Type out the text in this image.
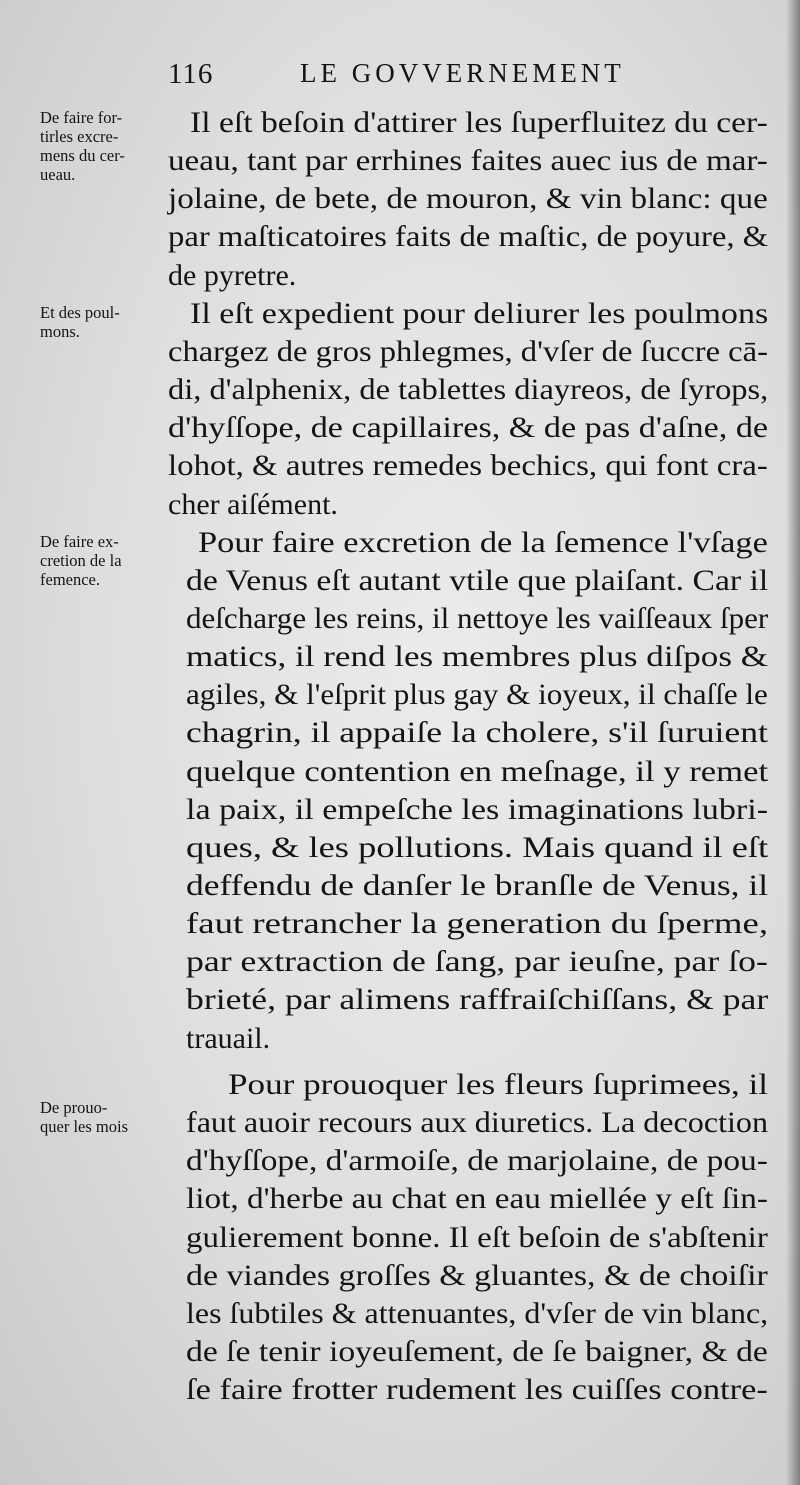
116	LE GOVVERNEMENT
De faire for-
tirles excre-
mens du cer-
ueau.
Et des poul-
mons.
De faire ex-
cretion de la
femence.
De prouo-
quer les mois
Il eſt beſoin d'attirer les ſuperfluitez du cer-
ueau, tant par errhines faites auec ius de mar-
jolaine, de bete, de mouron, & vin blanc: que
par maſticatoires faits de maſtic, de poyure, &
de pyretre.
Il eſt expedient pour deliurer les poulmons
chargez de gros phlegmes, d'vſer de ſuccre cā-
di, d'alphenix, de tablettes diayreos, de ſyrops,
d'hyſſope, de capillaires, & de pas d'aſne, de
lohot, & autres remedes bechics, qui font cra-
cher aiſément.
Pour faire excretion de la ſemence l'vſage
de Venus eſt autant vtile que plaiſant. Car il
deſcharge les reins, il nettoye les vaiſſeaux ſper
matics, il rend les membres plus diſpos &
agiles, & l'eſprit plus gay & ioyeux, il chaſſe le
chagrin, il appaiſe la cholere, s'il ſuruient
quelque contention en meſnage, il y remet
la paix, il empeſche les imaginations lubri-
ques, & les pollutions. Mais quand il eſt
deffendu de danſer le branſle de Venus, il
faut retrancher la generation du ſperme,
par extraction de ſang, par ieuſne, par ſo-
brieté, par alimens raffraiſchiſſans, & par
trauail.
Pour prouoquer les fleurs ſuprimees, il
faut auoir recours aux diuretics. La decoction
d'hyſſope, d'armoiſe, de marjolaine, de pou-
liot, d'herbe au chat en eau miellée y eſt ſin-
gulierement bonne. Il eſt beſoin de s'abſtenir
de viandes groſſes & gluantes, & de choiſir
les ſubtiles & attenuantes, d'vſer de vin blanc,
de ſe tenir ioyeuſement, de ſe baigner, & de
ſe faire frotter rudement les cuiſſes contre-
